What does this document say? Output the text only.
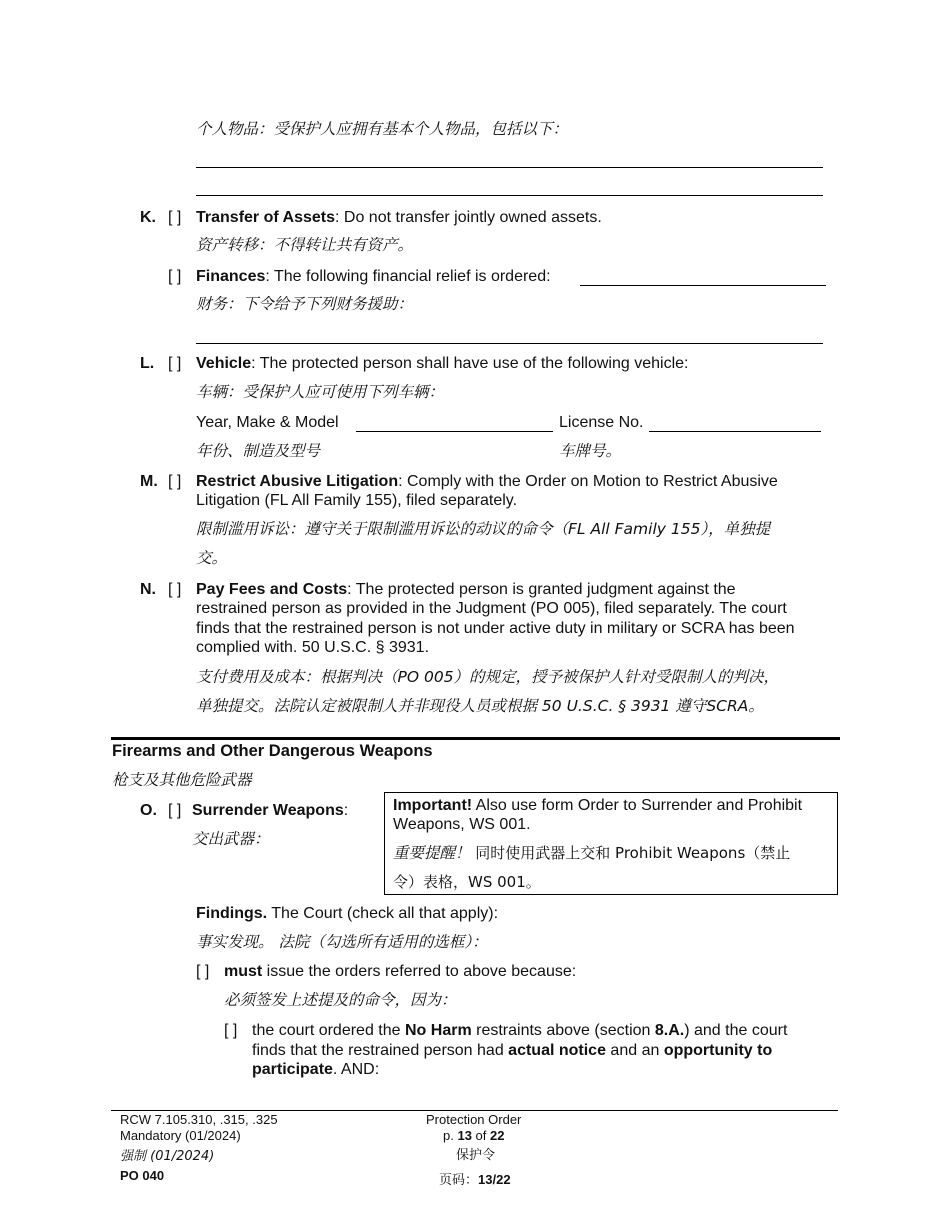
个人物品：受保护人应拥有基本个人物品，包括以下：
K. [ ] Transfer of Assets: Do not transfer jointly owned assets.
资产转移：不得转让共有资产。
[ ] Finances: The following financial relief is ordered:
财务：下令给予下列财务援助：
L. [ ] Vehicle: The protected person shall have use of the following vehicle:
车辆：受保护人应可使用下列车辆：
Year, Make & Model	License No.
年份、制造及型号	车牌号。
M. [ ] Restrict Abusive Litigation: Comply with the Order on Motion to Restrict Abusive
Litigation (FL All Family 155), filed separately.
限制滥用诉讼：遵守关于限制滥用诉讼的动议的命令（FL All Family 155），单独提
交。
N. [ ] Pay Fees and Costs: The protected person is granted judgment against the
restrained person as provided in the Judgment (PO 005), filed separately. The court
finds that the restrained person is not under active duty in military or SCRA has been
complied with. 50 U.S.C. § 3931.
支付费用及成本：根据判决（PO 005）的规定，授予被保护人针对受限制人的判决，
单独提交。法院认定被限制人并非现役人员或根据 50 U.S.C. § 3931 遵守SCRA。
Firearms and Other Dangerous Weapons
枪支及其他危险武器
O. [ ] Surrender Weapons:
交出武器：
Important! Also use form Order to Surrender and Prohibit
Weapons, WS 001.
重要提醒！ 同时使用武器上交和 Prohibit Weapons（禁止
令）表格，WS 001。
Findings. The Court (check all that apply):
事实发现。 法院（勾选所有适用的选框）：
[ ] must issue the orders referred to above because:
必须签发上述提及的命令，因为：
[ ] the court ordered the No Harm restraints above (section 8.A.) and the court
finds that the restrained person had actual notice and an opportunity to
participate. AND:
RCW 7.105.310, .315, .325
Mandatory (01/2024)
强制 (01/2024)
PO 040
Protection Order
p. 13 of 22
保护令
页码：13/22
